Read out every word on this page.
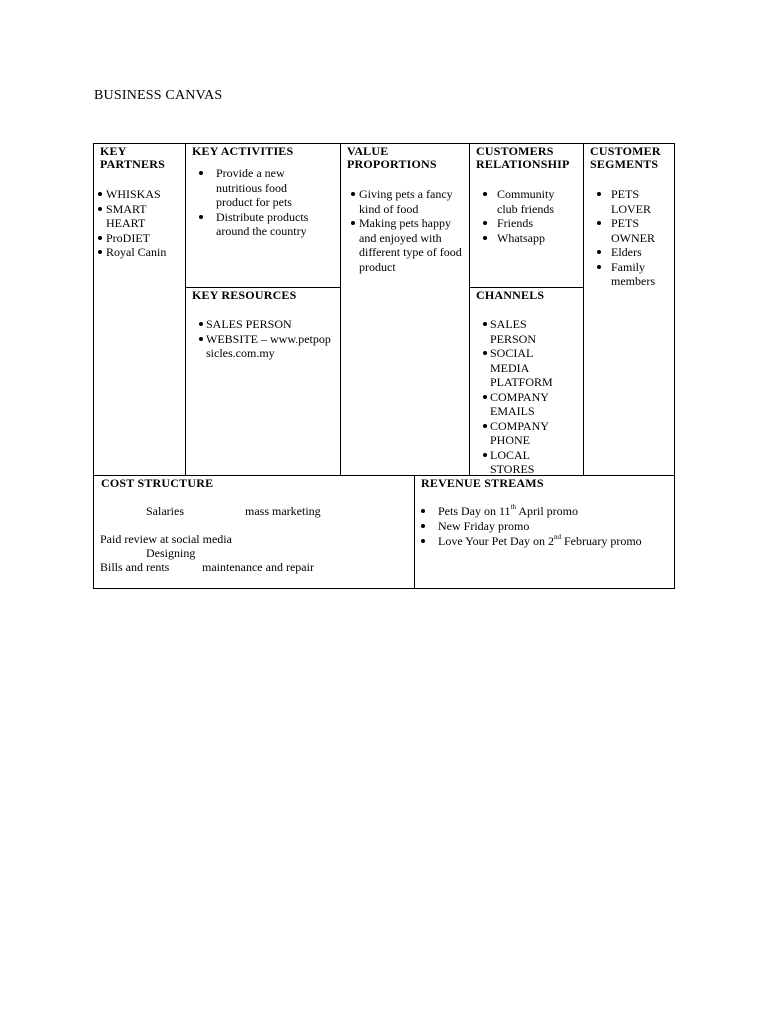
BUSINESS CANVAS
KEY
PARTNERS
WHISKAS
SMART HEART
ProDIET
Royal Canin
KEY ACTIVITIES
Provide a new nutritious food product for pets
Distribute products around the country
KEY RESOURCES
SALES PERSON
WEBSITE – www.petpopsicles.com.my
VALUE
PROPORTIONS
Giving pets a fancy kind of food
Making pets happy and enjoyed with different type of food product
CUSTOMERS
RELATIONSHIP
Community club friends
Friends
Whatsapp
CHANNELS
SALES PERSON
SOCIAL MEDIA PLATFORM
COMPANY EMAILS
COMPANY PHONE
LOCAL STORES
CUSTOMER
SEGMENTS
PETS LOVER
PETS OWNER
Elders
Family members
COST STRUCTURE
Salaries	mass marketing
Paid review at social media
Designing
Bills and rents	maintenance and repair
REVENUE STREAMS
Pets Day on 11th April promo
New Friday promo
Love Your Pet Day on 2nd February promo
